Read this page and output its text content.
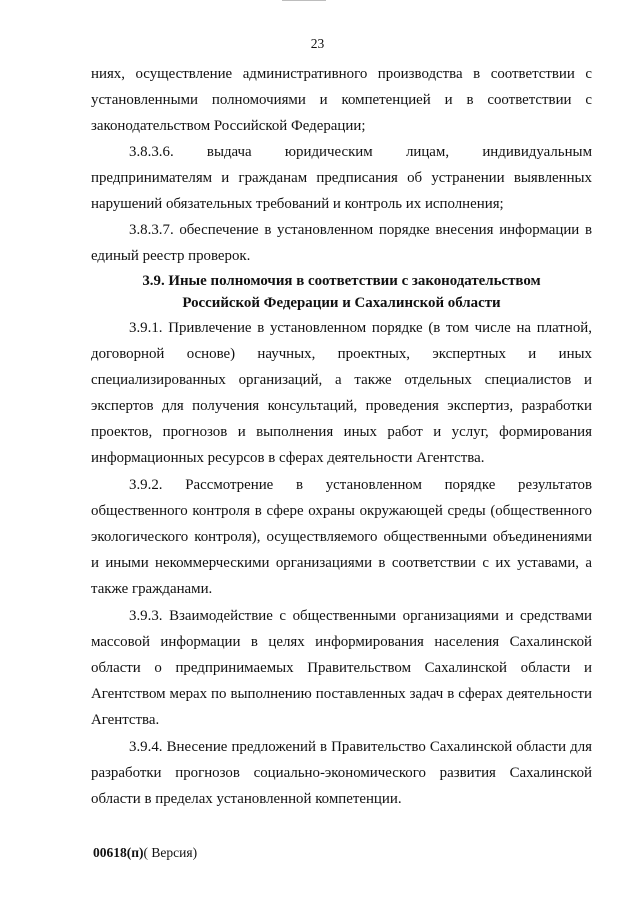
23

ниях, осуществление административного производства в соответствии с установленными полномочиями и компетенцией и в соответствии с законодательством Российской Федерации;

3.8.3.6. выдача юридическим лицам, индивидуальным предпринимателям и гражданам предписания об устранении выявленных нарушений обязательных требований и контроль их исполнения;

3.8.3.7. обеспечение в установленном порядке внесения информации в единый реестр проверок.

3.9. Иные полномочия в соответствии с законодательством
Российской Федерации и Сахалинской области

3.9.1. Привлечение в установленном порядке (в том числе на платной, договорной основе) научных, проектных, экспертных и иных специализированных организаций, а также отдельных специалистов и экспертов для получения консультаций, проведения экспертиз, разработки проектов, прогнозов и выполнения иных работ и услуг, формирования информационных ресурсов в сферах деятельности Агентства.

3.9.2. Рассмотрение в установленном порядке результатов общественного контроля в сфере охраны окружающей среды (общественного экологического контроля), осуществляемого общественными объединениями и иными некоммерческими организациями в соответствии с их уставами, а также гражданами.

3.9.3. Взаимодействие с общественными организациями и средствами массовой информации в целях информирования населения Сахалинской области о предпринимаемых Правительством Сахалинской области и Агентством мерах по выполнению поставленных задач в сферах деятельности Агентства.

3.9.4. Внесение предложений в Правительство Сахалинской области для разработки прогнозов социально-экономического развития Сахалинской области в пределах установленной компетенции.

00618(п)( Версия)
